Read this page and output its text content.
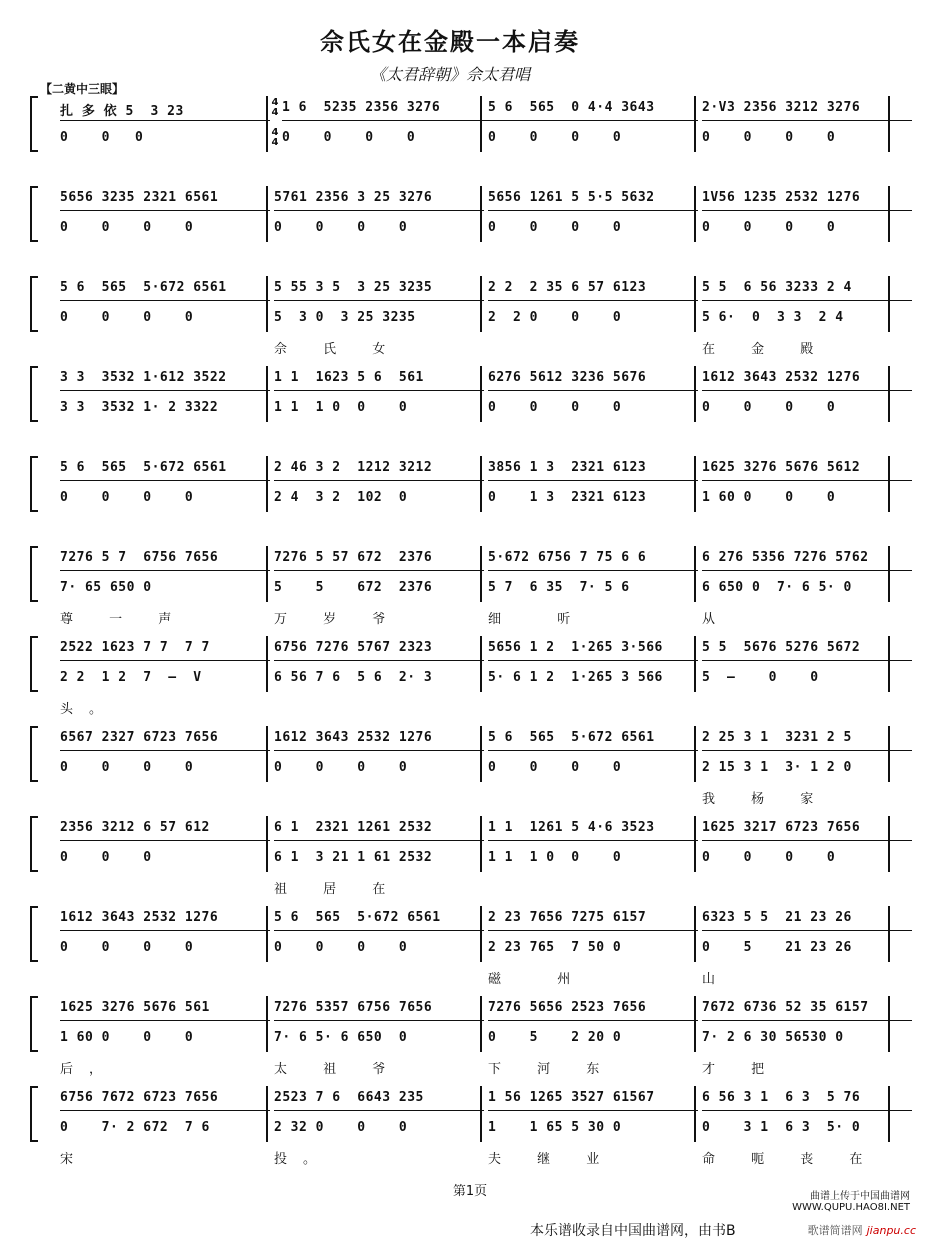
佘氏女在金殿一本启奏
《太君辞朝》佘太君唱
【二黄中三眼】
扎 多 依 5  3 23	1 6  5235 2356 3276	5 6  565  0 4·4 3643	2·V3 2356 3212 3276
0    0   0	0    0    0    0	0    0    0    0	0    0    0    0
4
4
4
4
5656 3235 2321 6561	5761 2356 3 25 3276	5656 1261 5 5·5 5632	1V56 1235 2532 1276
0    0    0    0	0    0    0    0	0    0    0    0	0    0    0    0
5 6  565  5·672 6561	5 55 3 5  3 25 3235	2 2  2 35 6 57 6123	5 5  6 56 3233 2 4
0    0    0    0	5  3 0  3 25 3235	2  2 0    0    0	5 6·  0  3 3  2 4
佘 氏 女	在 金 殿
3 3  3532 1·612 3522	1 1  1623 5 6  561	6276 5612 3236 5676	1612 3643 2532 1276
3 3  3532 1· 2 3322	1 1  1 0  0    0	0    0    0    0	0    0    0    0
5 6  565  5·672 6561	2 46 3 2  1212 3212	3856 1 3  2321 6123	1625 3276 5676 5612
0    0    0    0	2 4  3 2  102  0	0    1 3  2321 6123	1 60 0    0    0
7276 5 7  6756 7656	7276 5 57 672  2376	5·672 6756 7 75 6 6	6 276 5356 7276 5762
7· 65 650 0	5    5    672  2376	5 7  6 35  7· 5 6	6 650 0  7· 6 5· 0
尊 一 声	万 岁 爷	细  听	从
2522 1623 7 7  7 7	6756 7276 5767 2323	5656 1 2  1·265 3·566	5 5  5676 5276 5672
2 2  1 2  7  —  V	6 56 7 6  5 6  2· 3	5· 6 1 2  1·265 3 566	5  —    0    0
头。
6567 2327 6723 7656	1612 3643 2532 1276	5 6  565  5·672 6561	2 25 3 1  3231 2 5
0    0    0    0	0    0    0    0	0    0    0    0	2 15 3 1  3· 1 2 0
我 杨 家
2356 3212 6 57 612	6 1  2321 1261 2532	1 1  1261 5 4·6 3523	1625 3217 6723 7656
0    0    0	6 1  3 21 1 61 2532	1 1  1 0  0    0	0    0    0    0
祖 居 在
1612 3643 2532 1276	5 6  565  5·672 6561	2 23 7656 7275 6157	6323 5 5  21 23 26
0    0    0    0	0    0    0    0	2 23 765  7 50 0	0    5    21 23 26
磁  州	山
1625 3276 5676 561	7276 5357 6756 7656	7276 5656 2523 7656	7672 6736 52 35 6157
1 60 0    0    0	7· 6 5· 6 650  0	0    5    2 20 0	7· 2 6 30 56530 0
后，	太 祖 爷	下 河 东	才 把
6756 7672 6723 7656	2523 7 6  6643 235	1 56 1265 3527 61567	6 56 3 1  6 3  5 76
0    7· 2 672  7 6	2 32 0    0    0	1    1 65 5 30 0	0    3 1  6 3  5· 0
宋	投。	夫 继 业	命 呃 丧 在
第1页	曲谱上传于中国曲谱网
WWW.QUPU.HAO8I.NET
本乐谱收录自中国曲谱网，由书B	歌谱简谱网 jianpu.cc
